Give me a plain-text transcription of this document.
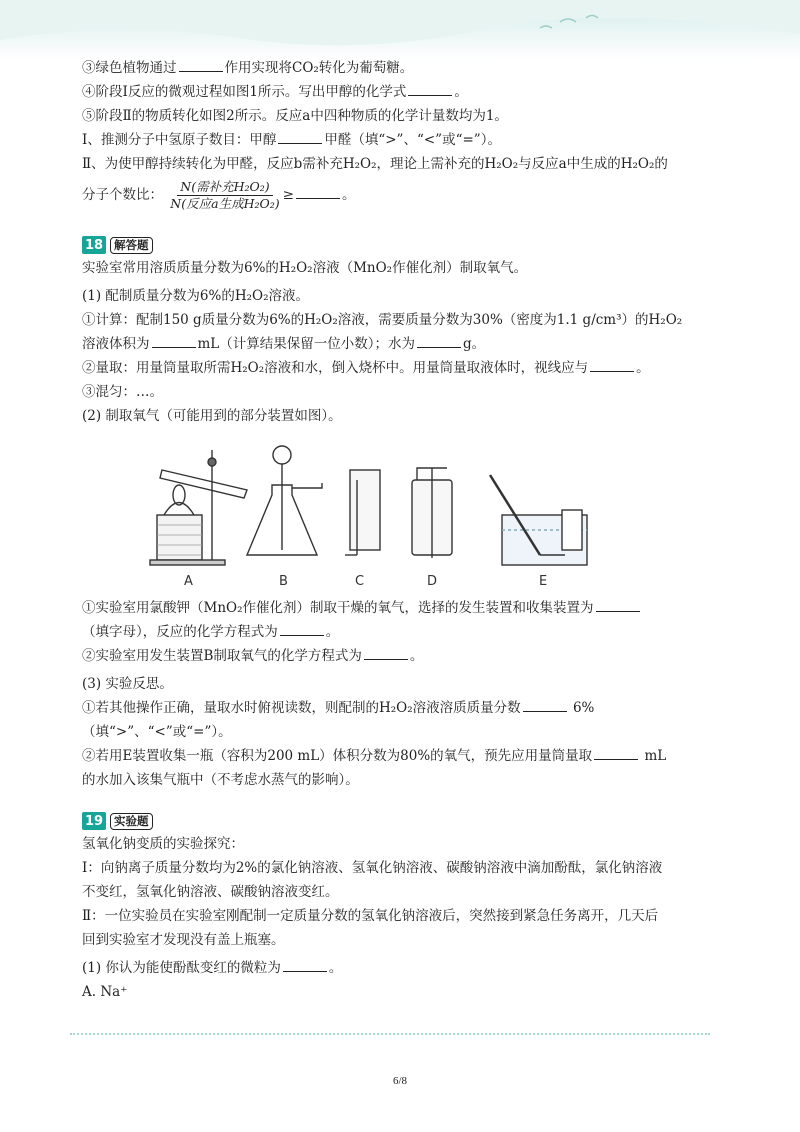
③绿色植物通过	作用实现将CO₂转化为葡萄糖。
④阶段Ⅰ反应的微观过程如图1所示。写出甲醇的化学式	。
⑤阶段Ⅱ的物质转化如图2所示。反应a中四种物质的化学计量数均为1。
Ⅰ、推测分子中氢原子数目：甲醇	甲醛（填“>”、“<”或“=”）。
Ⅱ、为使甲醇持续转化为甲醛，反应b需补充H₂O₂，理论上需补充的H₂O₂与反应a中生成的H₂O₂的
分子个数比： $\frac{\text{N(需补充H₂O₂)}}{\text{N(反应a生成H₂O₂)}}$ ≥	。
18 解答题
实验室常用溶质质量分数为6%的H₂O₂溶液（MnO₂作催化剂）制取氧气。
(1) 配制质量分数为6%的H₂O₂溶液。
①计算：配制150 g质量分数为6%的H₂O₂溶液，需要质量分数为30%（密度为1.1 g/cm³）的H₂O₂
溶液体积为	mL（计算结果保留一位小数）；水为	g。
②量取：用量筒量取所需H₂O₂溶液和水，倒入烧杯中。用量筒量取液体时，视线应与	。
③混匀：…。
(2) 制取氧气（可能用到的部分装置如图）。
A	B	C	D	E
①实验室用氯酸钾（MnO₂作催化剂）制取干燥的氧气，选择的发生装置和收集装置为
（填字母），反应的化学方程式为	。
②实验室用发生装置B制取氧气的化学方程式为	。
(3) 实验反思。
①若其他操作正确，量取水时俯视读数，则配制的H₂O₂溶液溶质质量分数	6%
（填“>”、“<”或“=”）。
②若用E装置收集一瓶（容积为200 mL）体积分数为80%的氧气，预先应用量筒量取	mL
的水加入该集气瓶中（不考虑水蒸气的影响）。
19 实验题
氢氧化钠变质的实验探究：
Ⅰ：向钠离子质量分数均为2%的氯化钠溶液、氢氧化钠溶液、碳酸钠溶液中滴加酚酞，氯化钠溶液
不变红，氢氧化钠溶液、碳酸钠溶液变红。
Ⅱ：一位实验员在实验室刚配制一定质量分数的氢氧化钠溶液后，突然接到紧急任务离开，几天后
回到实验室才发现没有盖上瓶塞。
(1) 你认为能使酚酞变红的微粒为	。
A. Na⁺
6/8
